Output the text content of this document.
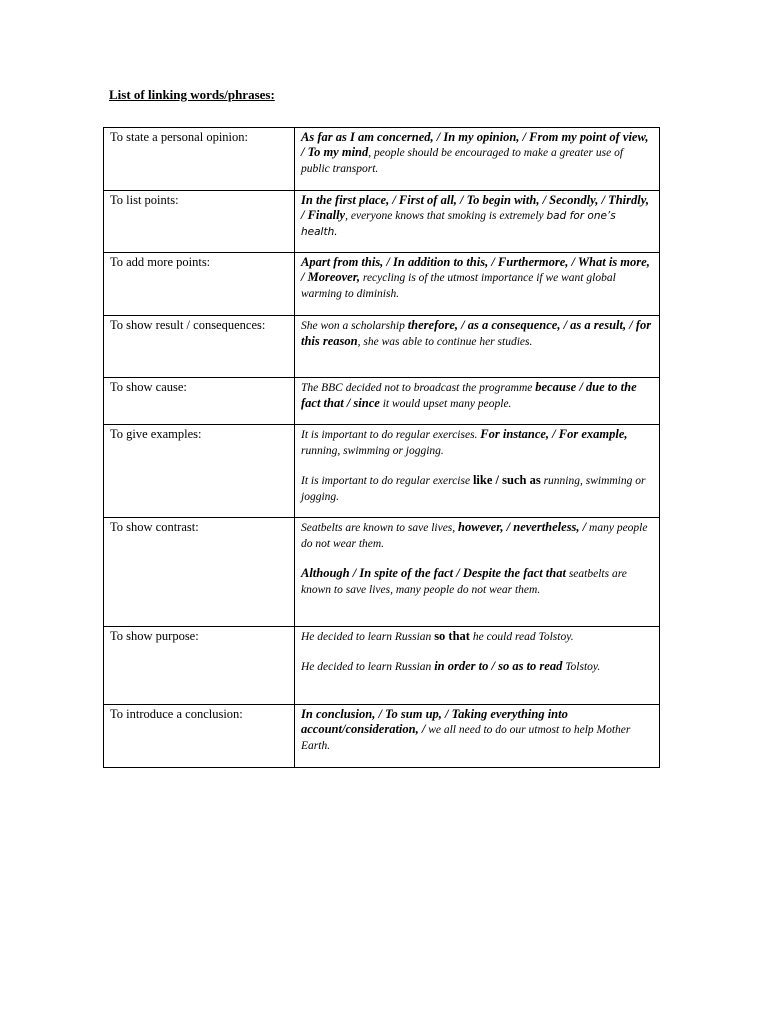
List of linking words/phrases:
To state a personal opinion:	As far as I am concerned, / In my opinion, / From my point of view, / To my mind, people should be encouraged to make a greater use of public transport.

To list points:	In the first place, / First of all, / To begin with, / Secondly, / Thirdly, / Finally, everyone knows that smoking is extremely bad for one’s health.

To add more points:	Apart from this, / In addition to this, / Furthermore, / What is more, / Moreover, recycling is of the utmost importance if we want global warming to diminish.

To show result / consequences:	She won a scholarship therefore, / as a consequence, / as a result, / for this reason, she was able to continue her studies.

To show cause:	The BBC decided not to broadcast the programme because / due to the fact that / since it would upset many people.

To give examples:	It is important to do regular exercises. For instance, / For example, running, swimming or jogging.

It is important to do regular exercise like / such as running, swimming or jogging.

To show contrast:	Seatbelts are known to save lives, however, / nevertheless, / many people do not wear them.

Although / In spite of the fact / Despite the fact that seatbelts are known to save lives, many people do not wear them.

To show purpose:	He decided to learn Russian so that he could read Tolstoy.

He decided to learn Russian in order to / so as to read Tolstoy.

To introduce a conclusion:	In conclusion, / To sum up, / Taking everything into account/consideration, / we all need to do our utmost to help Mother Earth.
